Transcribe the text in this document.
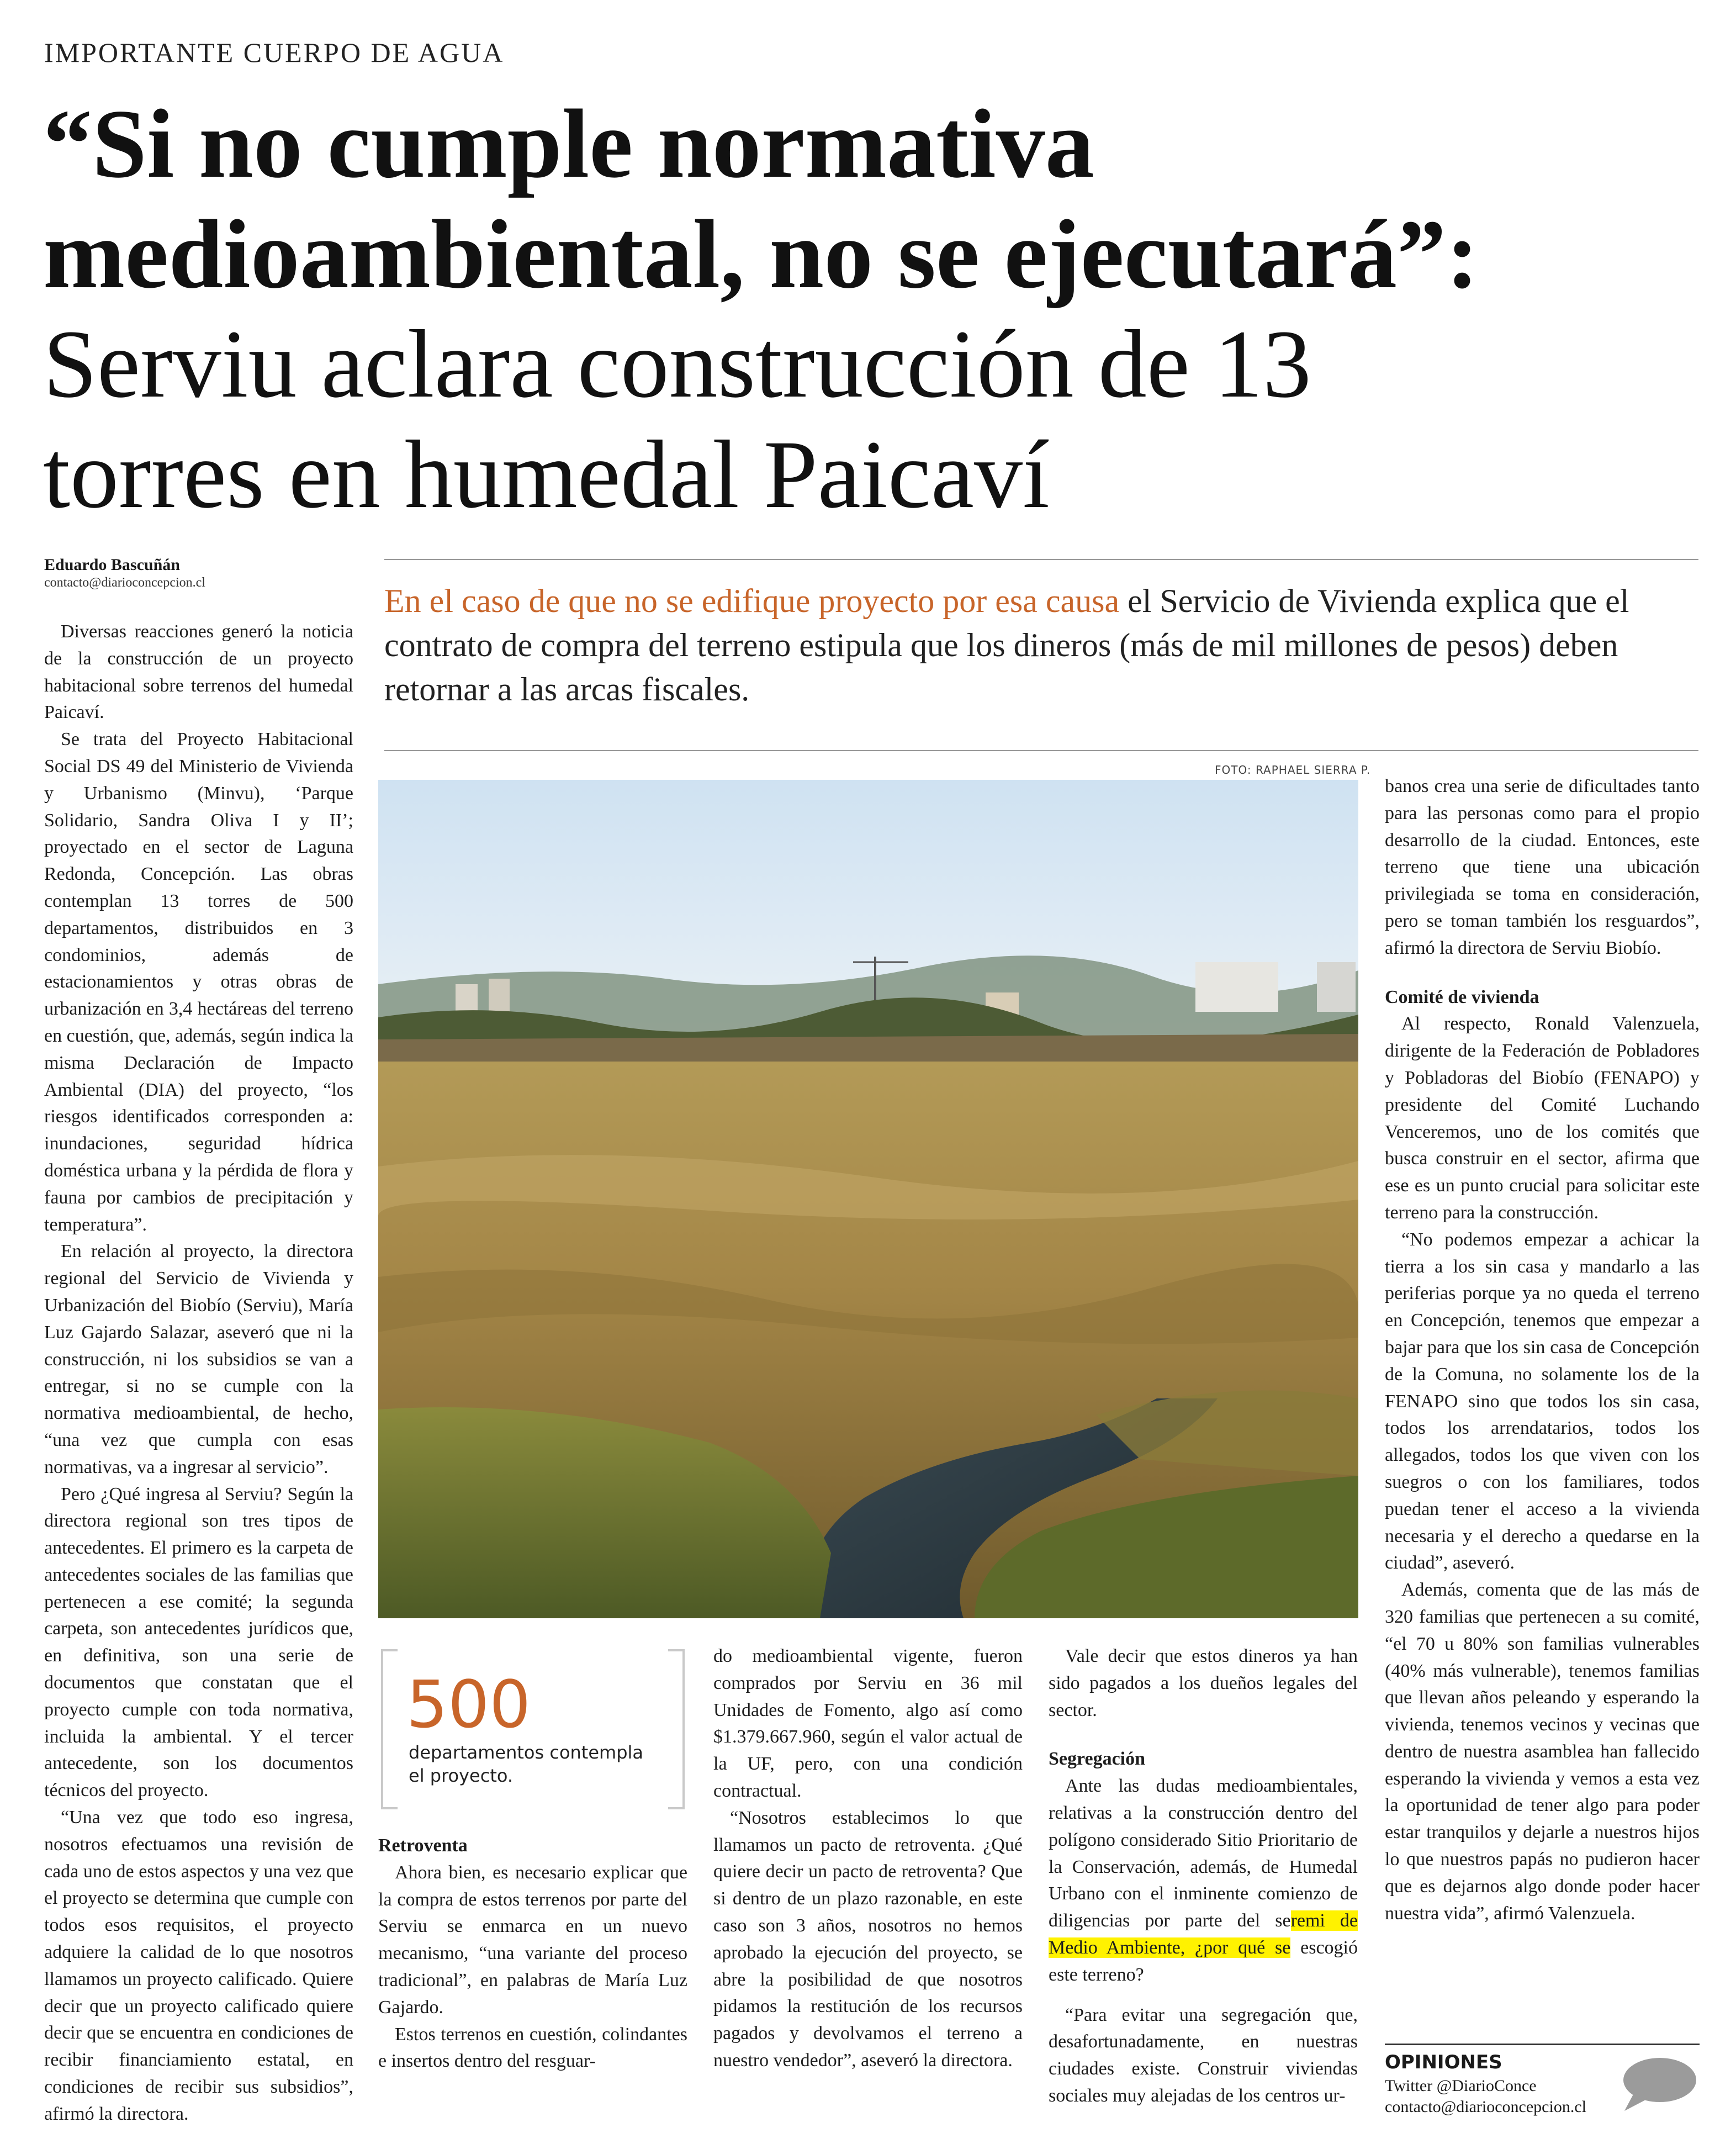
IMPORTANTE CUERPO DE AGUA
“Si no cumple normativa
medioambiental, no se ejecutará”:
Serviu aclara construcción de 13
torres en humedal Paicaví
Eduardo Bascuñán
contacto@diarioconcepcion.cl	En el caso de que no se edifique proyecto por esa causa el Servicio de Vivienda explica que el contrato de compra del terreno estipula que los dineros (más de mil millones de pesos) deben retornar a las arcas fiscales.
FOTO: RAPHAEL SIERRA P.

Diversas reacciones generó la noticia de la construcción de un proyecto habitacional sobre terrenos del humedal Paicaví.

Se trata del Proyecto Habitacional Social DS 49 del Ministerio de Vivienda y Urbanismo (Minvu), ‘Parque Solidario, Sandra Oliva I y II’; proyectado en el sector de Laguna Redonda, Concepción. Las obras contemplan 13 torres de 500 departamentos, distribuidos en 3 condominios, además de estacionamientos y otras obras de urbanización en 3,4 hectáreas del terreno en cuestión, que, además, según indica la misma Declaración de Impacto Ambiental (DIA) del proyecto, “los riesgos identificados corresponden a: inundaciones, seguridad hídrica doméstica urbana y la pérdida de flora y fauna por cambios de precipitación y temperatura”.

En relación al proyecto, la directora regional del Servicio de Vivienda y Urbanización del Biobío (Serviu), María Luz Gajardo Salazar, aseveró que ni la construcción, ni los subsidios se van a entregar, si no se cumple con la normativa medioambiental, de hecho, “una vez que cumpla con esas normativas, va a ingresar al servicio”.

Pero ¿Qué ingresa al Serviu? Según la directora regional son tres tipos de antecedentes. El primero es la carpeta de antecedentes sociales de las familias que pertenecen a ese comité; la segunda carpeta, son antecedentes jurídicos que, en definitiva, son una serie de documentos que constatan que el proyecto cumple con toda normativa, incluida la ambiental. Y el tercer antecedente, son los documentos técnicos del proyecto.

“Una vez que todo eso ingresa, nosotros efectuamos una revisión de cada uno de estos aspectos y una vez que el proyecto se determina que cumple con todos esos requisitos, el proyecto adquiere la calidad de lo que nosotros llamamos un proyecto calificado. Quiere decir que un proyecto calificado quiere decir que se encuentra en condiciones de recibir financiamiento estatal, en condiciones de recibir sus subsidios”, afirmó la directora.

500
departamentos contempla el proyecto.
Retroventa

Ahora bien, es necesario explicar que la compra de estos terrenos por parte del Serviu se enmarca en un nuevo mecanismo, “una variante del proceso tradicional”, en palabras de María Luz Gajardo.

Estos terrenos en cuestión, colindantes e insertos dentro del resguar-

do medioambiental vigente, fueron comprados por Serviu en 36 mil Unidades de Fomento, algo así como $1.379.667.960, según el valor actual de la UF, pero, con una condición contractual.

“Nosotros establecimos lo que llamamos un pacto de retroventa. ¿Qué quiere decir un pacto de retroventa? Que si dentro de un plazo razonable, en este caso son 3 años, nosotros no hemos aprobado la ejecución del proyecto, se abre la posibilidad de que nosotros pidamos la restitución de los recursos pagados y devolvamos el terreno a nuestro vendedor”, aseveró la directora.

Vale decir que estos dineros ya han sido pagados a los dueños legales del sector.

Segregación

Ante las dudas medioambientales, relativas a la construcción dentro del polígono considerado Sitio Prioritario de la Conservación, además, de Humedal Urbano con el inminente comienzo de diligencias por parte del seremi de Medio Ambiente, ¿por qué se escogió este terreno?

“Para evitar una segregación que, desafortunadamente, en nuestras ciudades existe. Construir viviendas sociales muy alejadas de los centros ur-

banos crea una serie de dificultades tanto para las personas como para el propio desarrollo de la ciudad. Entonces, este terreno que tiene una ubicación privilegiada se toma en consideración, pero se toman también los resguardos”, afirmó la directora de Serviu Biobío.

Comité de vivienda

Al respecto, Ronald Valenzuela, dirigente de la Federación de Pobladores y Pobladoras del Biobío (FENAPO) y presidente del Comité Luchando Venceremos, uno de los comités que busca construir en el sector, afirma que ese es un punto crucial para solicitar este terreno para la construcción.

“No podemos empezar a achicar la tierra a los sin casa y mandarlo a las periferias porque ya no queda el terreno en Concepción, tenemos que empezar a bajar para que los sin casa de Concepción de la Comuna, no solamente los de la FENAPO sino que todos los sin casa, todos los arrendatarios, todos los allegados, todos los que viven con los suegros o con los familiares, todos puedan tener el acceso a la vivienda necesaria y el derecho a quedarse en la ciudad”, aseveró.

Además, comenta que de las más de 320 familias que pertenecen a su comité, “el 70 u 80% son familias vulnerables (40% más vulnerable), tenemos familias que llevan años peleando y esperando la vivienda, tenemos vecinos y vecinas que dentro de nuestra asamblea han fallecido esperando la vivienda y vemos a esta vez la oportunidad de tener algo para poder estar tranquilos y dejarle a nuestros hijos lo que nuestros papás no pudieron hacer que es dejarnos algo donde poder hacer nuestra vida”, afirmó Valenzuela.

OPINIONES
Twitter @DiarioConce
contacto@diarioconcepcion.cl
